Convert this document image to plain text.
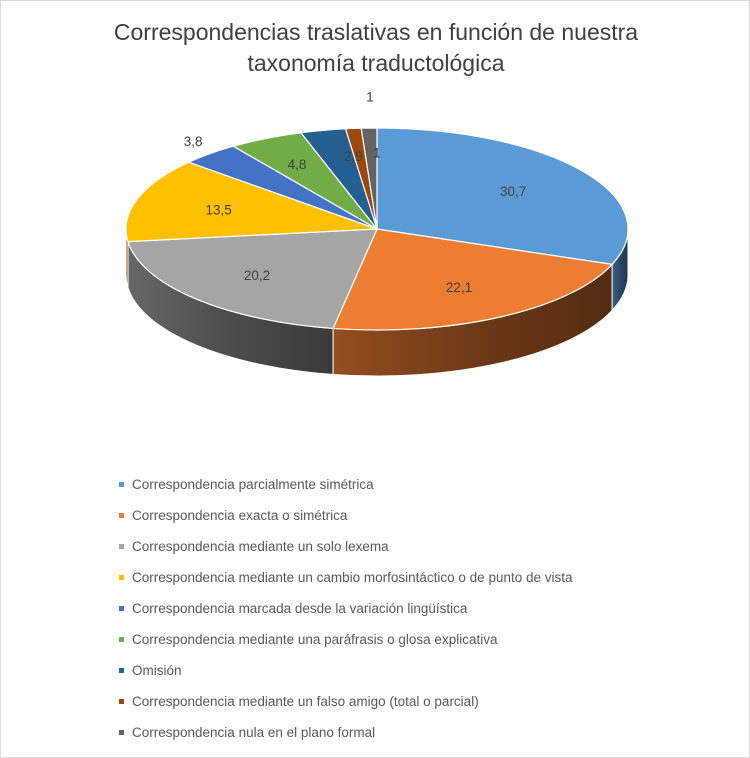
Correspondencias traslativas en función de nuestra
taxonomía traductológica
30,7
22,1
20,2
13,5
3,8
4,8
2,9
1
1
Correspondencia parcialmente simétrica
Correspondencia exacta o simétrica
Correspondencia mediante un solo lexema
Correspondencia mediante un cambio morfosintáctico o de punto de vista
Correspondencia marcada desde la variación lingüística
Correspondencia mediante una paráfrasis o glosa explicativa
Omisión
Correspondencia mediante un falso amigo (total o parcial)
Correspondencia nula en el plano formal
